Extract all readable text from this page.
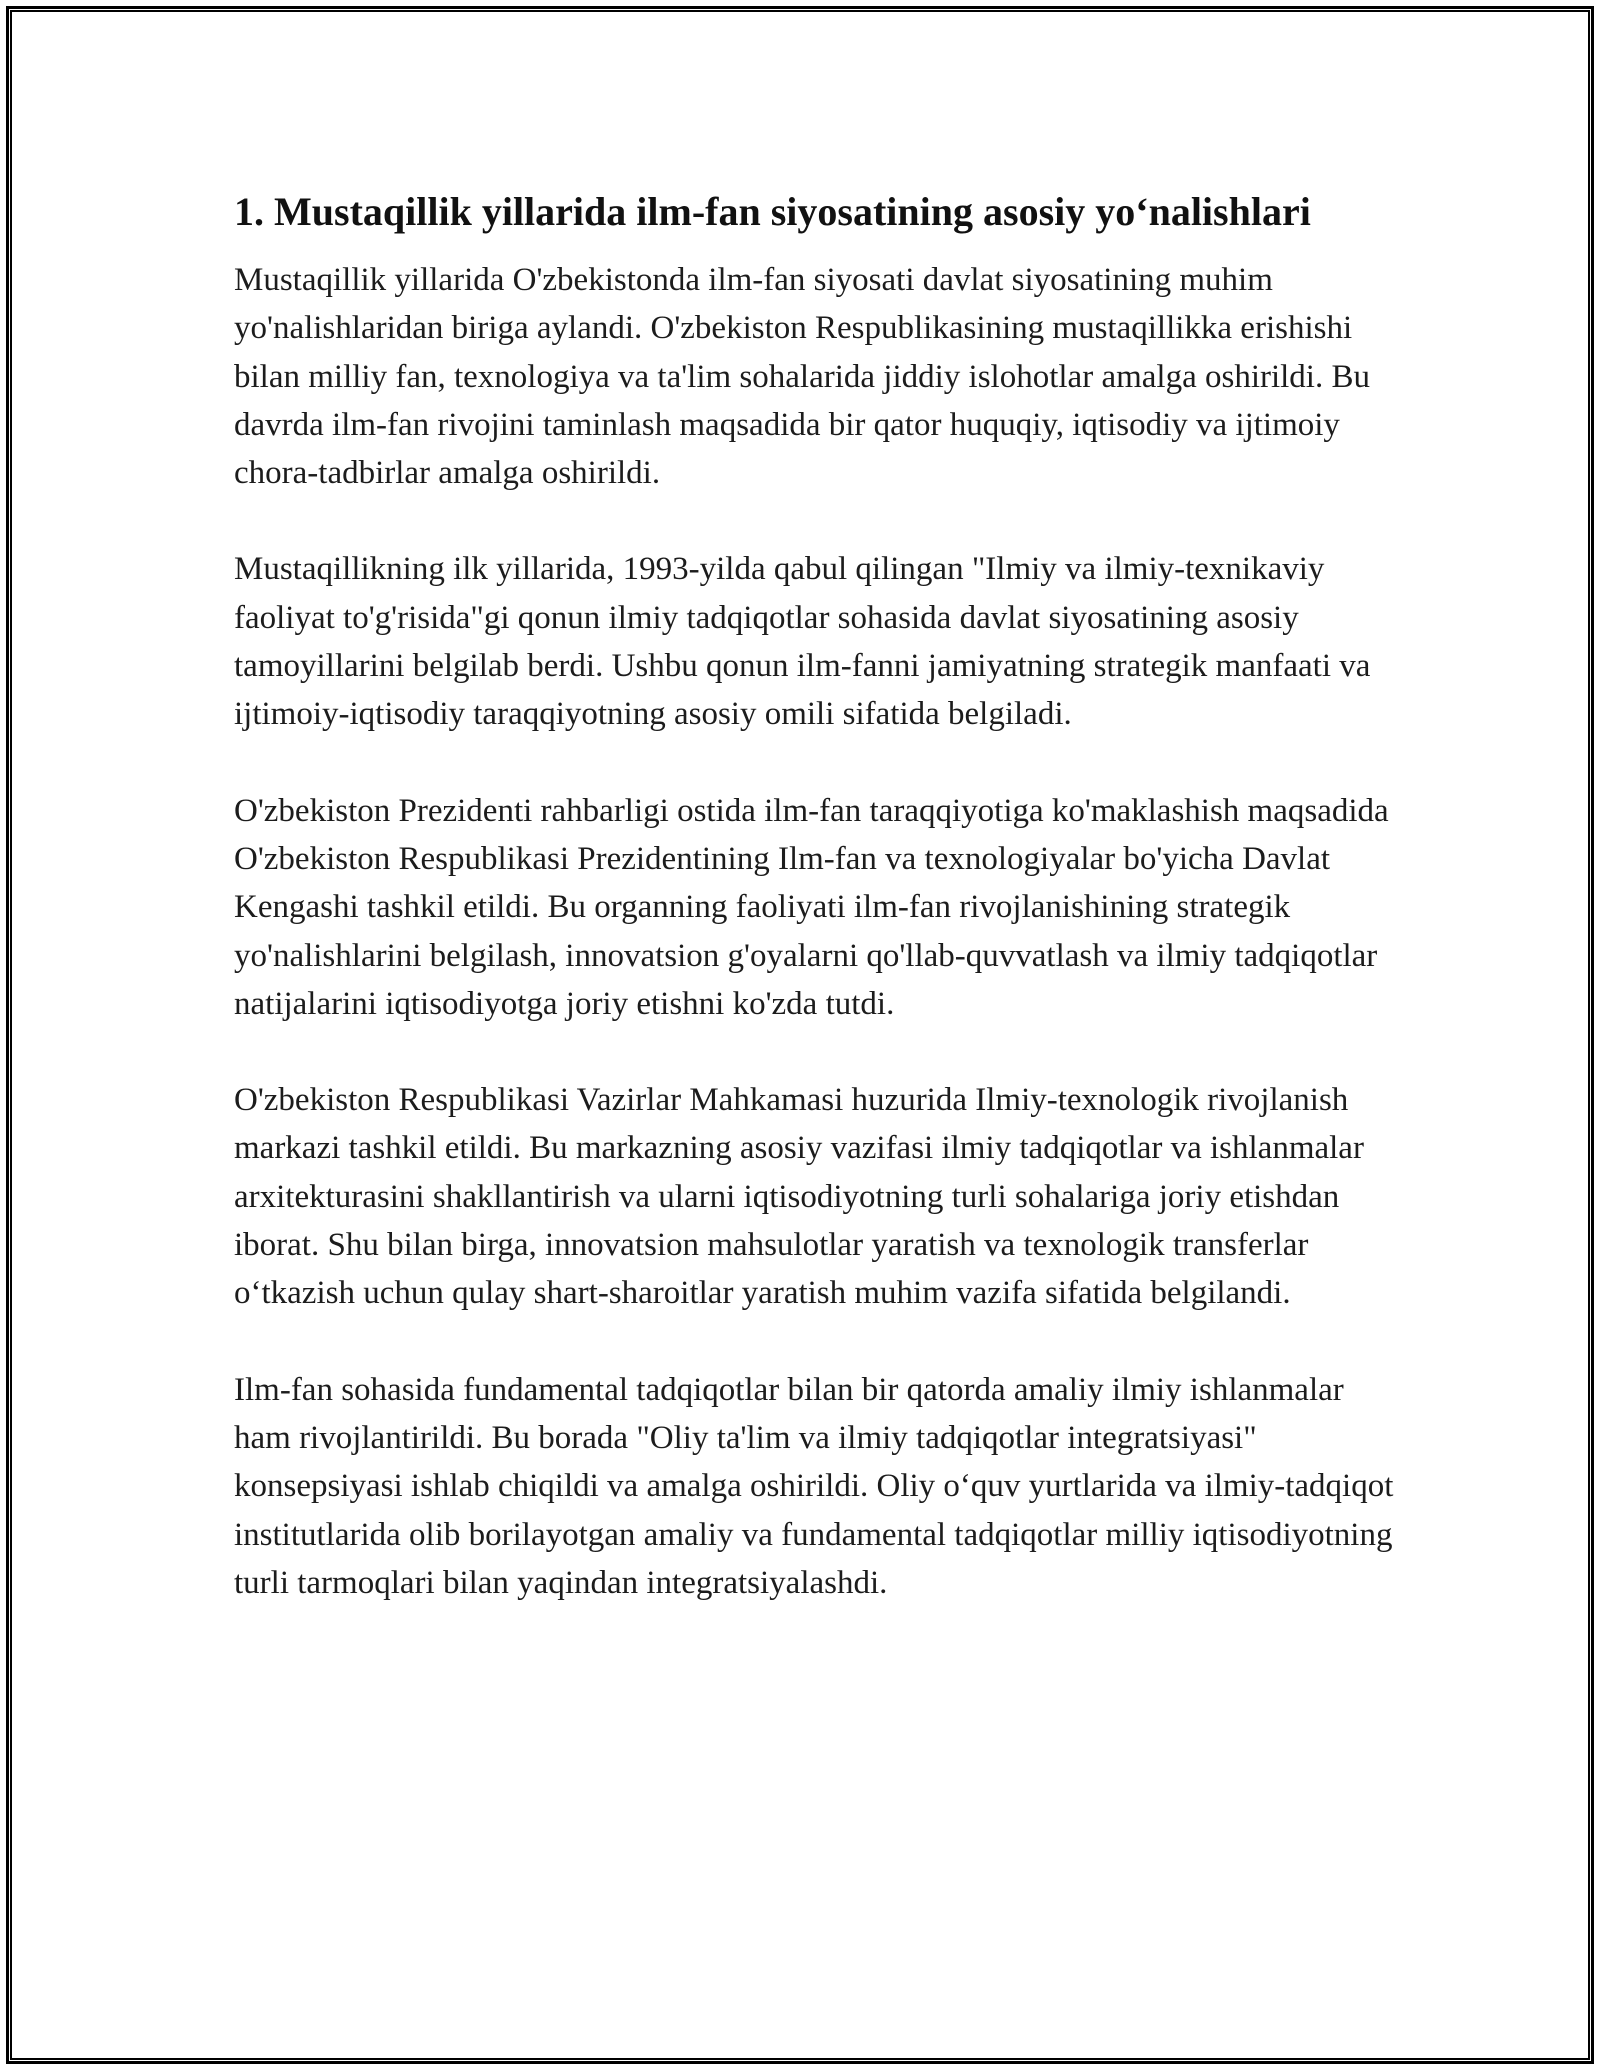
1. Mustaqillik yillarida ilm-fan siyosatining asosiy yo‘nalishlari

Mustaqillik yillarida O'zbekistonda ilm-fan siyosati davlat siyosatining muhim yo'nalishlaridan biriga aylandi. O'zbekiston Respublikasining mustaqillikka erishishi bilan milliy fan, texnologiya va ta'lim sohalarida jiddiy islohotlar amalga oshirildi. Bu davrda ilm-fan rivojini taminlash maqsadida bir qator huquqiy, iqtisodiy va ijtimoiy chora-tadbirlar amalga oshirildi.

Mustaqillikning ilk yillarida, 1993-yilda qabul qilingan "Ilmiy va ilmiy-texnikaviy faoliyat to'g'risida"gi qonun ilmiy tadqiqotlar sohasida davlat siyosatining asosiy tamoyillarini belgilab berdi. Ushbu qonun ilm-fanni jamiyatning strategik manfaati va ijtimoiy-iqtisodiy taraqqiyotning asosiy omili sifatida belgiladi.

O'zbekiston Prezidenti rahbarligi ostida ilm-fan taraqqiyotiga ko'maklashish maqsadida O'zbekiston Respublikasi Prezidentining Ilm-fan va texnologiyalar bo'yicha Davlat Kengashi tashkil etildi. Bu organning faoliyati ilm-fan rivojlanishining strategik yo'nalishlarini belgilash, innovatsion g'oyalarni qo'llab-quvvatlash va ilmiy tadqiqotlar natijalarini iqtisodiyotga joriy etishni ko'zda tutdi.

O'zbekiston Respublikasi Vazirlar Mahkamasi huzurida Ilmiy-texnologik rivojlanish markazi tashkil etildi. Bu markazning asosiy vazifasi ilmiy tadqiqotlar va ishlanmalar arxitekturasini shakllantirish va ularni iqtisodiyotning turli sohalariga joriy etishdan iborat. Shu bilan birga, innovatsion mahsulotlar yaratish va texnologik transferlar o‘tkazish uchun qulay shart-sharoitlar yaratish muhim vazifa sifatida belgilandi.

Ilm-fan sohasida fundamental tadqiqotlar bilan bir qatorda amaliy ilmiy ishlanmalar ham rivojlantirildi. Bu borada "Oliy ta'lim va ilmiy tadqiqotlar integratsiyasi" konsepsiyasi ishlab chiqildi va amalga oshirildi. Oliy o‘quv yurtlarida va ilmiy-tadqiqot institutlarida olib borilayotgan amaliy va fundamental tadqiqotlar milliy iqtisodiyotning turli tarmoqlari bilan yaqindan integratsiyalashdi.
